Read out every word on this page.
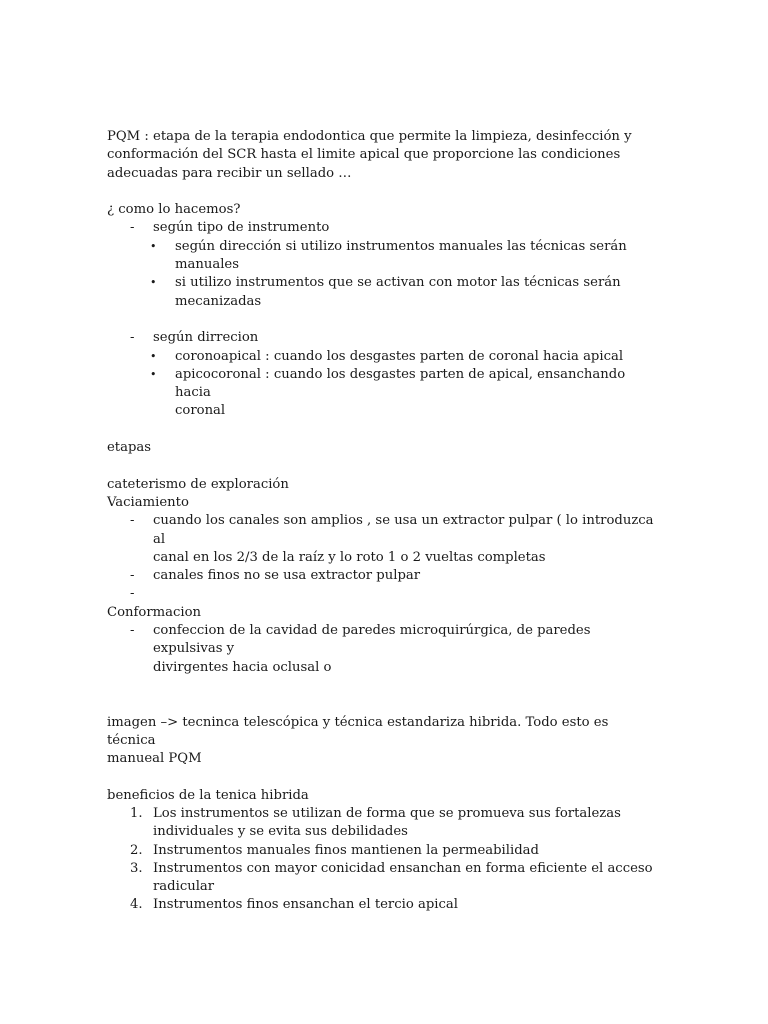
PQM : etapa de la terapia endodontica que permite la limpieza, desinfección y
conformación del SCR hasta el limite apical que proporcione las condiciones
adecuadas para recibir un sellado …

¿ como lo hacemos?

- según tipo de instrumento
• según dirección si utilizo instrumentos manuales las técnicas serán
manuales
• si utilizo instrumentos que se activan con motor las técnicas serán
mecanizadas
- según dirrecion
• coronoapical : cuando los desgastes parten de coronal hacia apical
• apicocoronal : cuando los desgastes parten de apical, ensanchando hacia
coronal

etapas

cateterismo de exploración

Vaciamiento

- cuando los canales son amplios , se usa un extractor pulpar ( lo introduzca al
canal en los 2/3 de la raíz y lo roto 1 o 2 vueltas completas
- canales finos no se usa extractor pulpar
-

Conformacion

- confeccion de la cavidad de paredes microquirúrgica, de paredes expulsivas y
divirgentes hacia oclusal o

imagen –> tecninca telescópica y técnica estandariza hibrida. Todo esto es técnica
manueal PQM

beneficios de la tenica hibrida

1. Los instrumentos se utilizan de forma que se promueva sus fortalezas
individuales y se evita sus debilidades
2. Instrumentos manuales finos mantienen la permeabilidad
3. Instrumentos con mayor conicidad ensanchan en forma eficiente el acceso
radicular
4. Instrumentos finos ensanchan el tercio apical
